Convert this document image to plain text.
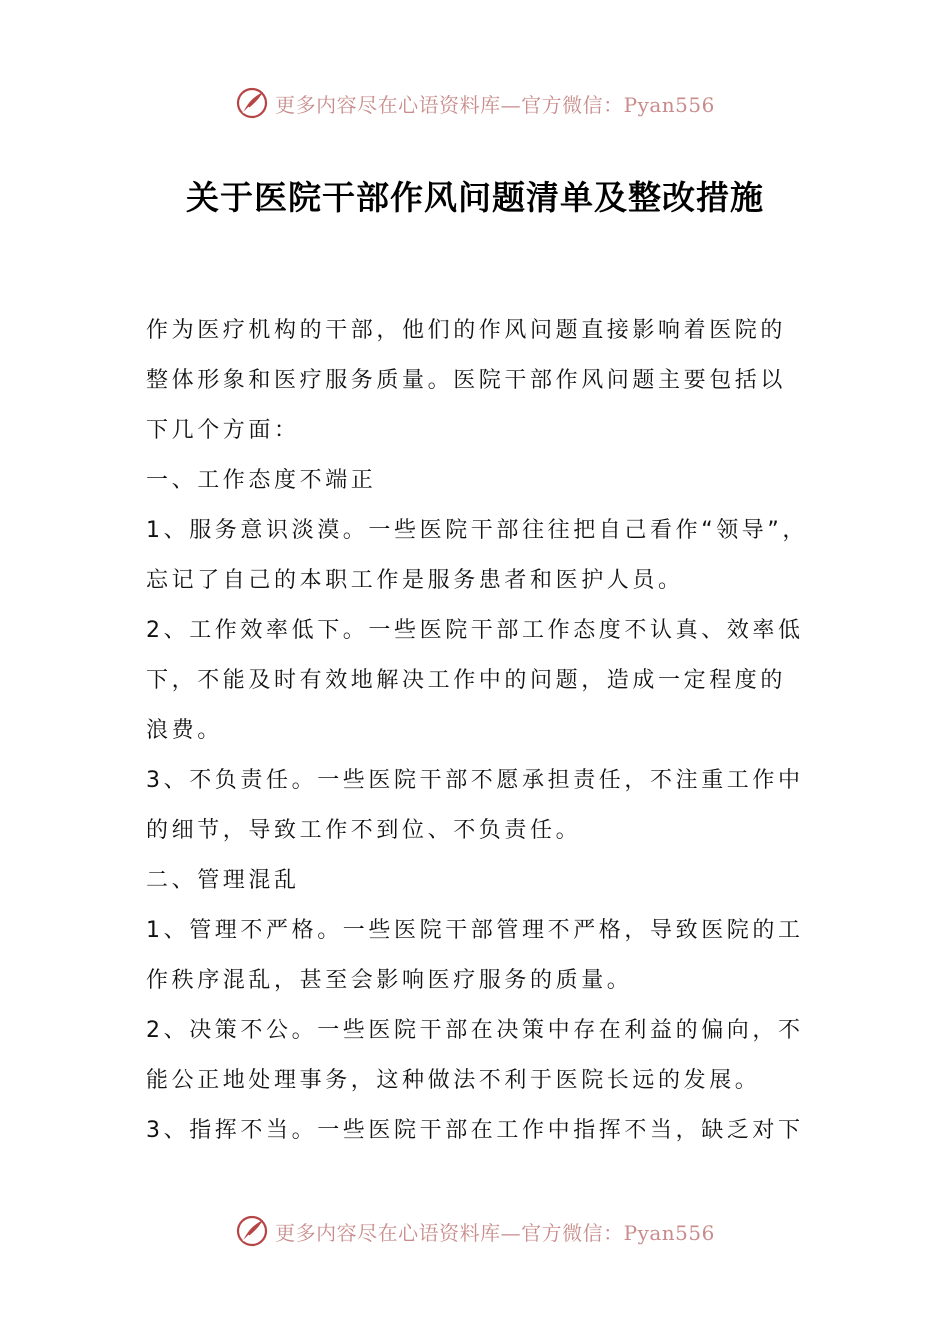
更多内容尽在心语资料库—官方微信：Pyan556
关于医院干部作风问题清单及整改措施

作为医疗机构的干部，他们的作风问题直接影响着医院的整体形象和医疗服务质量。医院干部作风问题主要包括以下几个方面：

一、工作态度不端正

1、服务意识淡漠。一些医院干部往往把自己看作“领导”，忘记了自己的本职工作是服务患者和医护人员。

2、工作效率低下。一些医院干部工作态度不认真、效率低下，不能及时有效地解决工作中的问题，造成一定程度的浪费。

3、不负责任。一些医院干部不愿承担责任，不注重工作中的细节，导致工作不到位、不负责任。

二、管理混乱

1、管理不严格。一些医院干部管理不严格，导致医院的工作秩序混乱，甚至会影响医疗服务的质量。

2、决策不公。一些医院干部在决策中存在利益的偏向，不能公正地处理事务，这种做法不利于医院长远的发展。

3、指挥不当。一些医院干部在工作中指挥不当，缺乏对下

更多内容尽在心语资料库—官方微信：Pyan556
